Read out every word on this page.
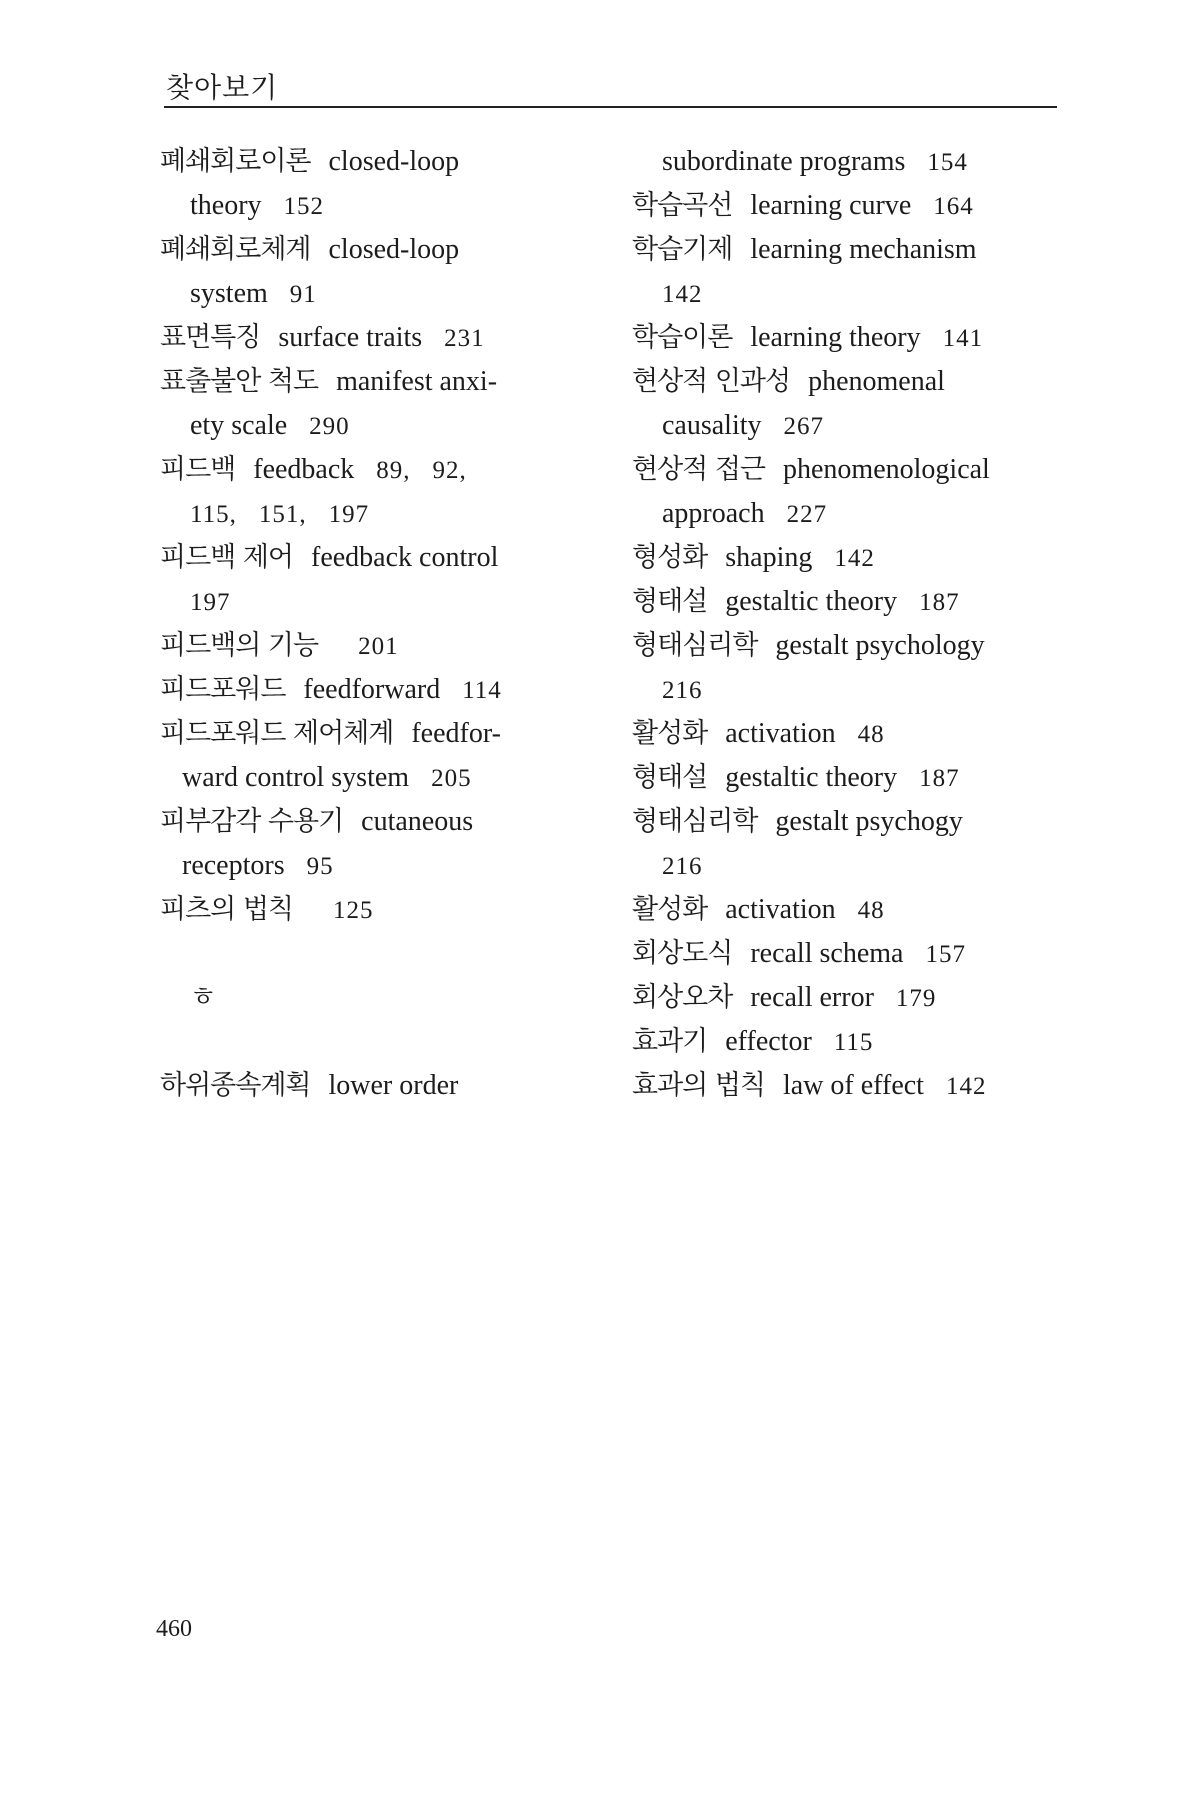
찾아보기
폐쇄회로이론 closed-loop
theory 152
폐쇄회로체계 closed-loop
system 91
표면특징 surface traits 231
표출불안 척도 manifest anxi-
ety scale 290
피드백 feedback 89, 92,
115, 151, 197
피드백 제어 feedback control
197
피드백의 기능 201
피드포워드 feedforward 114
피드포워드 제어체계 feedfor-
ward control system 205
피부감각 수용기 cutaneous
receptors 95
피츠의 법칙 125
ㅎ
하위종속계획 lower order
subordinate programs 154
학습곡선 learning curve 164
학습기제 learning mechanism
142
학습이론 learning theory 141
현상적 인과성 phenomenal
causality 267
현상적 접근 phenomenological
approach 227
형성화 shaping 142
형태설 gestaltic theory 187
형태심리학 gestalt psychology
216
활성화 activation 48
형태설 gestaltic theory 187
형태심리학 gestalt psychogy
216
활성화 activation 48
회상도식 recall schema 157
회상오차 recall error 179
효과기 effector 115
효과의 법칙 law of effect 142
460
